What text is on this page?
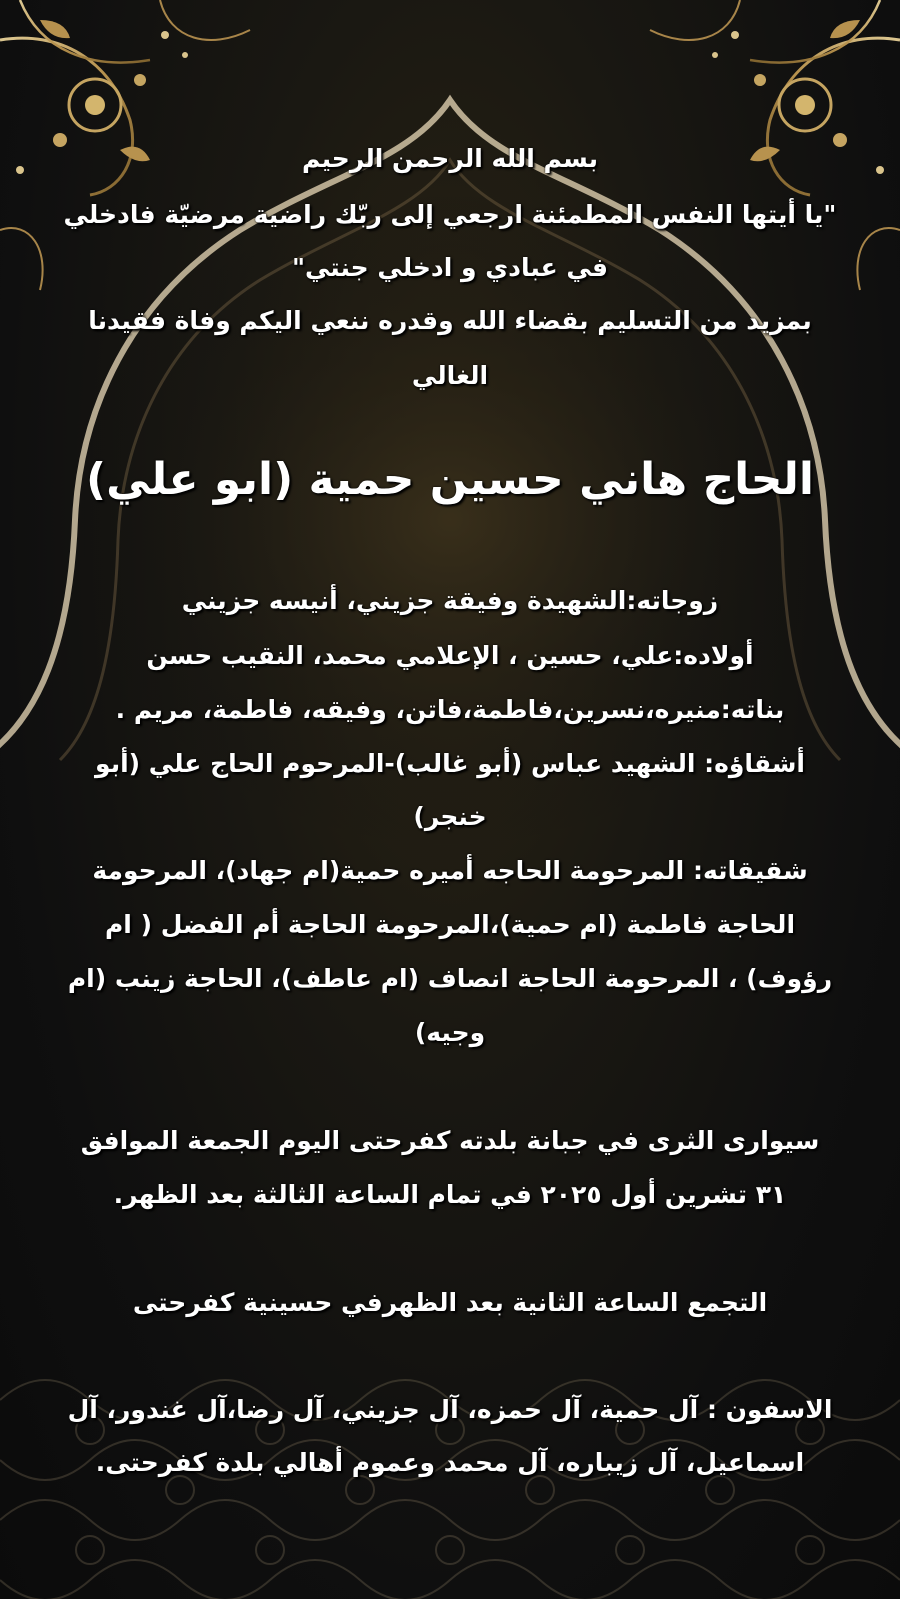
بسم الله الرحمن الرحيم
"يا أيتها النفس المطمئنة ارجعي إلى ربّك راضية مرضيّة فادخلي
في عبادي و ادخلي جنتي"
بمزيد من التسليم بقضاء الله وقدره ننعي اليكم وفاة فقيدنا
الغالي
الحاج هاني حسين حمية (ابو علي)
زوجاته:الشهيدة وفيقة جزيني، أنيسه جزيني
أولاده:علي، حسين ، الإعلامي محمد، النقيب حسن
بناته:منيره،نسرين،فاطمة،فاتن، وفيقه، فاطمة، مريم .
أشقاؤه: الشهيد عباس (أبو غالب)-المرحوم الحاج علي (أبو
خنجر)
شقيقاته: المرحومة الحاجه أميره حمية(ام جهاد)، المرحومة
الحاجة فاطمة (ام حمية)،المرحومة الحاجة أم الفضل ( ام
رؤوف) ، المرحومة الحاجة انصاف (ام عاطف)، الحاجة زينب (ام
وجيه)
سيوارى الثرى في جبانة بلدته كفرحتى اليوم الجمعة الموافق
٣١ تشرين أول ٢٠٢٥ في تمام الساعة الثالثة بعد الظهر.
التجمع الساعة الثانية بعد الظهرفي حسينية كفرحتى
الاسفون : آل حمية، آل حمزه، آل جزيني، آل رضا،آل غندور، آل
اسماعيل، آل زيباره، آل محمد وعموم أهالي بلدة كفرحتى.
